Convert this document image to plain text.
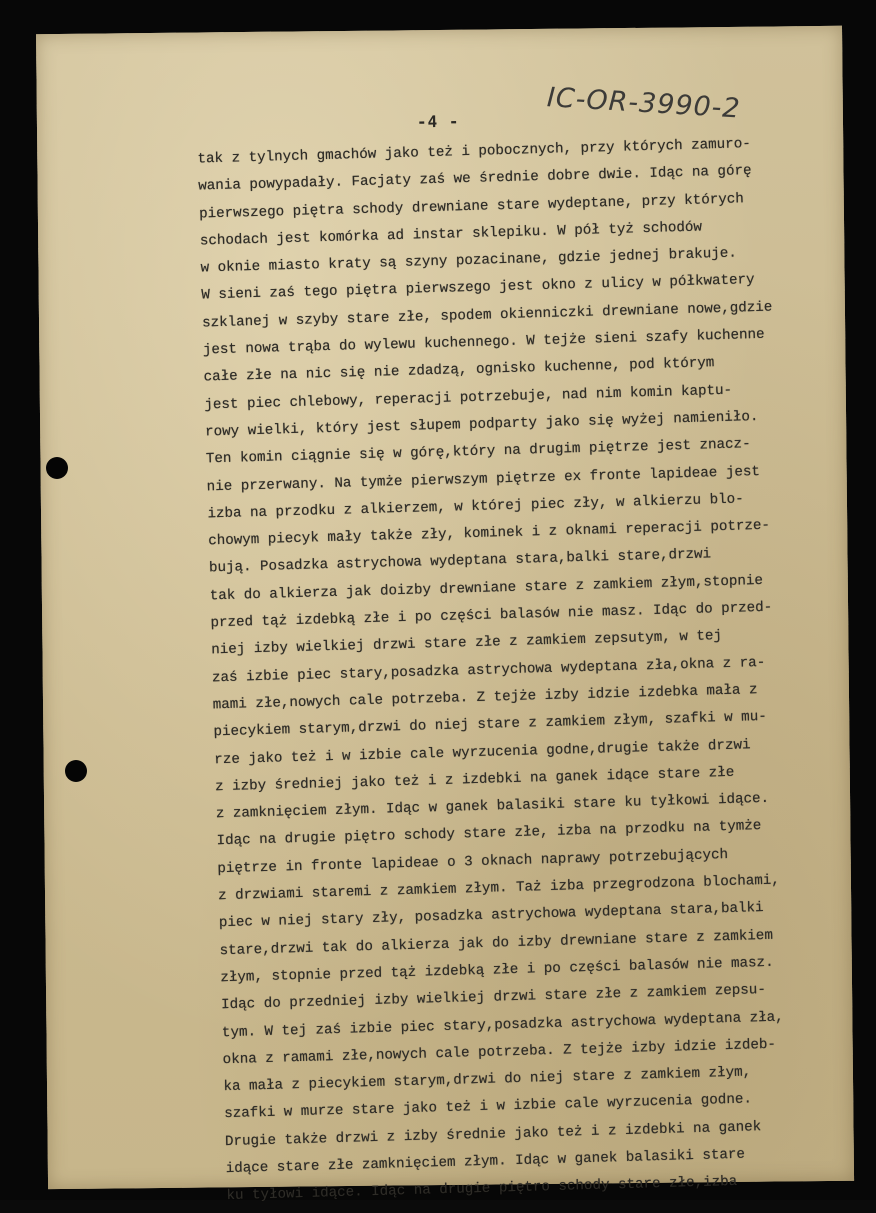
-4 -	IC-OR-3990-2
tak z tylnych gmachów jako też i pobocznych, przy których zamuro-
wania powypadały. Facjaty zaś we średnie dobre dwie. Idąc na górę
pierwszego piętra schody drewniane stare wydeptane, przy których
schodach jest komórka ad instar sklepiku. W pół tyż schodów
w oknie miasto kraty są szyny pozacinane, gdzie jednej brakuje.
W sieni zaś tego piętra pierwszego jest okno z ulicy w półkwatery
szklanej w szyby stare złe, spodem okienniczki drewniane nowe,gdzie
jest nowa trąba do wylewu kuchennego. W tejże sieni szafy kuchenne
całe złe na nic się nie zdadzą, ognisko kuchenne, pod którym
jest piec chlebowy, reperacji potrzebuje, nad nim komin kaptu-
rowy wielki, który jest słupem podparty jako się wyżej namieniło.
Ten komin ciągnie się w górę,który na drugim piętrze jest znacz-
nie przerwany. Na tymże pierwszym piętrze ex fronte lapideae jest
izba na przodku z alkierzem, w której piec zły, w alkierzu blo-
chowym piecyk mały także zły, kominek i z oknami reperacji potrze-
bują. Posadzka astrychowa wydeptana stara,balki stare,drzwi
tak do alkierza jak doizby drewniane stare z zamkiem złym,stopnie
przed tąż izdebką złe i po części balasów nie masz. Idąc do przed-
niej izby wielkiej drzwi stare złe z zamkiem zepsutym, w tej
zaś izbie piec stary,posadzka astrychowa wydeptana zła,okna z ra-
mami złe,nowych cale potrzeba. Z tejże izby idzie izdebka mała z
piecykiem starym,drzwi do niej stare z zamkiem złym, szafki w mu-
rze jako też i w izbie cale wyrzucenia godne,drugie także drzwi
z izby średniej jako też i z izdebki na ganek idące stare złe
z zamknięciem złym. Idąc w ganek balasiki stare ku tyłkowi idące.
Idąc na drugie piętro schody stare złe, izba na przodku na tymże
piętrze in fronte lapideae o 3 oknach naprawy potrzebujących
z drzwiami staremi z zamkiem złym. Taż izba przegrodzona blochami,
piec w niej stary zły, posadzka astrychowa wydeptana stara,balki
stare,drzwi tak do alkierza jak do izby drewniane stare z zamkiem
złym, stopnie przed tąż izdebką złe i po części balasów nie masz.
Idąc do przedniej izby wielkiej drzwi stare złe z zamkiem zepsu-
tym. W tej zaś izbie piec stary,posadzka astrychowa wydeptana zła,
okna z ramami złe,nowych cale potrzeba. Z tejże izby idzie izdeb-
ka mała z piecykiem starym,drzwi do niej stare z zamkiem złym,
szafki w murze stare jako też i w izbie cale wyrzucenia godne.
Drugie także drzwi z izby średnie jako też i z izdebki na ganek
idące stare złe zamknięciem złym. Idąc w ganek balasiki stare
ku tyłowi idące. Idąc na drugie piętro schody stare złe,izba
